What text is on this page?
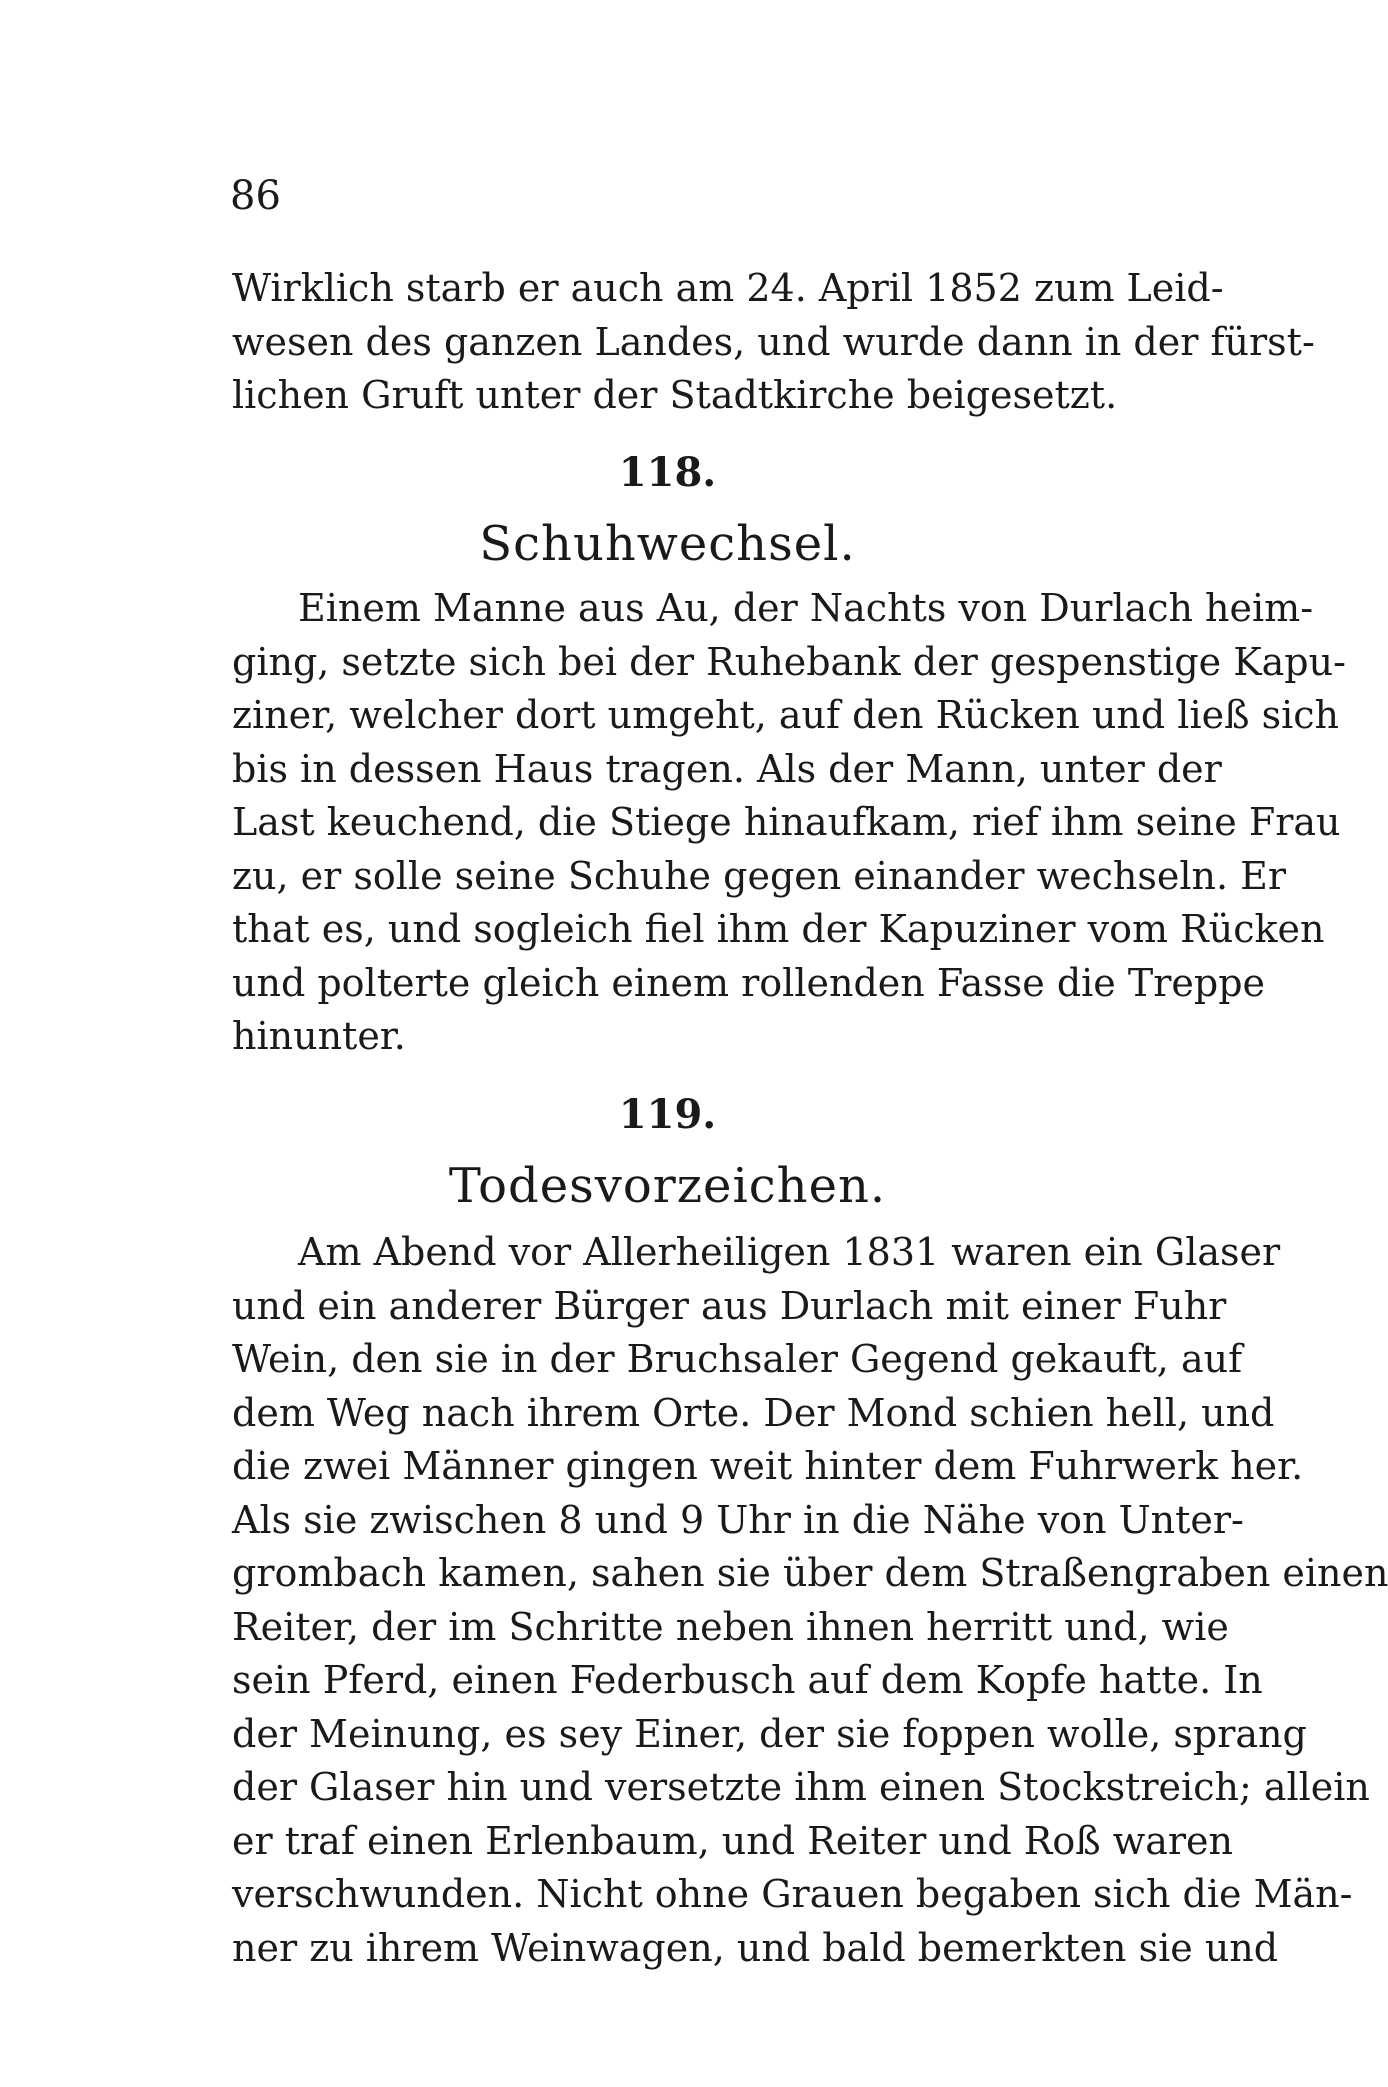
86
Wirklich starb er auch am 24. April 1852 zum Leid-
wesen des ganzen Landes, und wurde dann in der fürst-
lichen Gruft unter der Stadtkirche beigesetzt.
118.
Schuhwechsel.
Einem Manne aus Au, der Nachts von Durlach heim-
ging, setzte sich bei der Ruhebank der gespenstige Kapu-
ziner, welcher dort umgeht, auf den Rücken und ließ sich
bis in dessen Haus tragen. Als der Mann, unter der
Last keuchend, die Stiege hinaufkam, rief ihm seine Frau
zu, er solle seine Schuhe gegen einander wechseln. Er
that es, und sogleich fiel ihm der Kapuziner vom Rücken
und polterte gleich einem rollenden Fasse die Treppe
hinunter.
119.
Todesvorzeichen.
Am Abend vor Allerheiligen 1831 waren ein Glaser
und ein anderer Bürger aus Durlach mit einer Fuhr
Wein, den sie in der Bruchsaler Gegend gekauft, auf
dem Weg nach ihrem Orte. Der Mond schien hell, und
die zwei Männer gingen weit hinter dem Fuhrwerk her.
Als sie zwischen 8 und 9 Uhr in die Nähe von Unter-
grombach kamen, sahen sie über dem Straßengraben einen
Reiter, der im Schritte neben ihnen herritt und, wie
sein Pferd, einen Federbusch auf dem Kopfe hatte. In
der Meinung, es sey Einer, der sie foppen wolle, sprang
der Glaser hin und versetzte ihm einen Stockstreich; allein
er traf einen Erlenbaum, und Reiter und Roß waren
verschwunden. Nicht ohne Grauen begaben sich die Män-
ner zu ihrem Weinwagen, und bald bemerkten sie und
